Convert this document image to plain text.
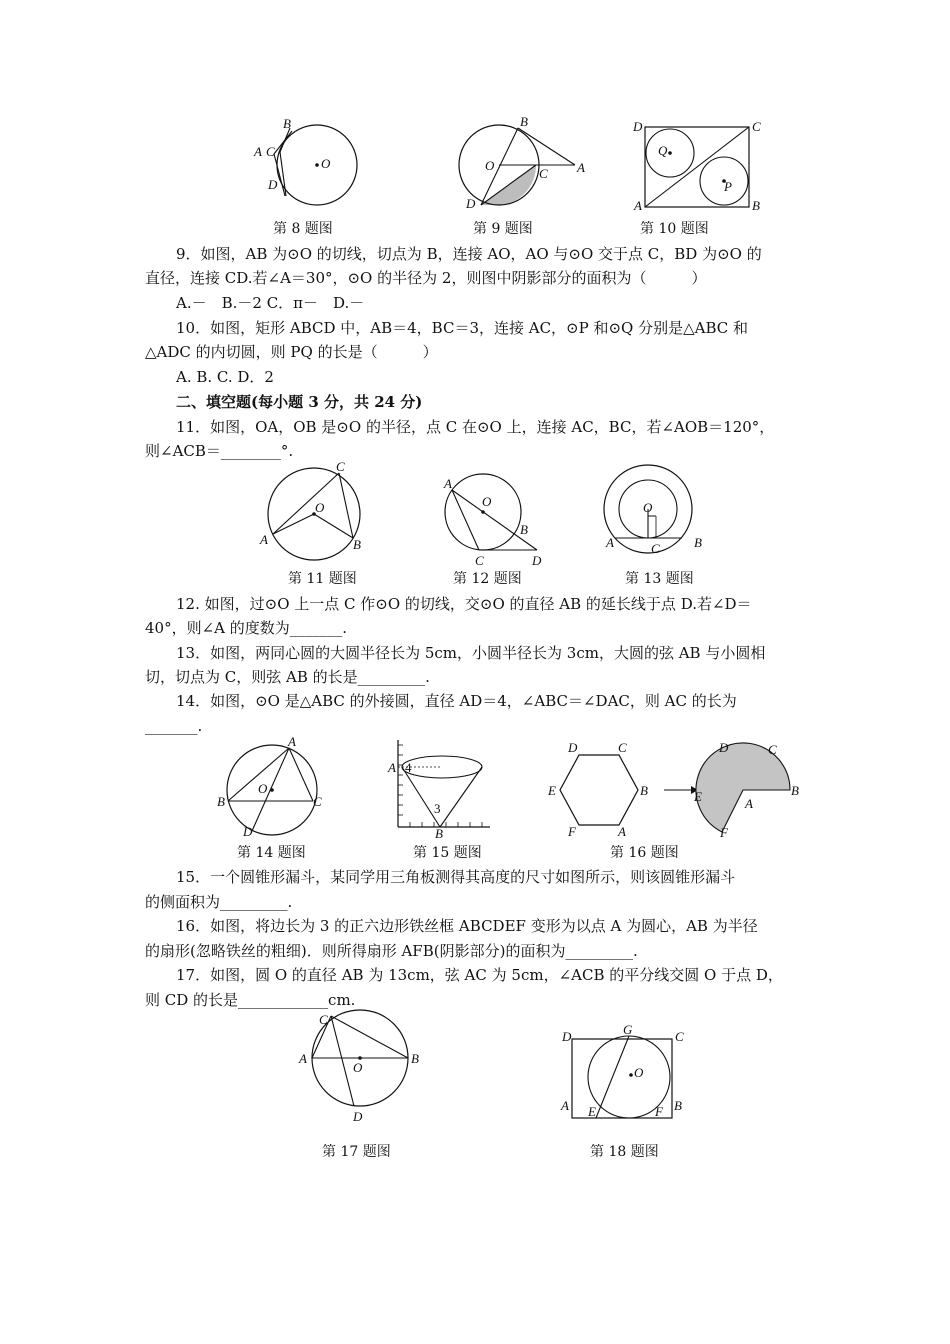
B
A C
O
D
第 8 题图
B
O
C A
D
第 9 题图
D	C
Q
P
A	B
第 10 题图
9．如图，AB 为⊙O 的切线，切点为 B，连接 AO，AO 与⊙O 交于点 C，BD 为⊙O 的
直径，连接 CD.若∠A＝30°，⊙O 的半径为 2，则图中阴影部分的面积为（　　　）
A.－　B.－2 C．π－　D.－
10．如图，矩形 ABCD 中，AB＝4，BC＝3，连接 AC，⊙P 和⊙Q 分别是△ABC 和
△ADC 的内切圆，则 PQ 的长是（　　　）
A. B. C. D．2
二、填空题(每小题 3 分，共 24 分)
11．如图，OA，OB 是⊙O 的半径，点 C 在⊙O 上，连接 AC，BC，若∠AOB＝120°，
则∠ACB＝________°.
C
O
A	B
第 11 题图
A
O
B
C	D
第 12 题图
O
A	C	B
第 13 题图
12. 如图，过⊙O 上一点 C 作⊙O 的切线，交⊙O 的直径 AB 的延长线于点 D.若∠D＝
40°，则∠A 的度数为_______.
13．如图，两同心圆的大圆半径长为 5cm，小圆半径长为 3cm，大圆的弦 AB 与小圆相
切，切点为 C，则弦 AB 的长是_________.
14．如图，⊙O 是△ABC 的外接圆，直径 AD＝4，∠ABC＝∠DAC，则 AC 的长为
_______.
A
O
B	C
D
第 14 题图
A 4
3
B
第 15 题图
D	C
E	B
F	A
D	C
E	A
B
F
第 16 题图
15．一个圆锥形漏斗，某同学用三角板测得其高度的尺寸如图所示，则该圆锥形漏斗
的侧面积为_________.
16．如图，将边长为 3 的正六边形铁丝框 ABCDEF 变形为以点 A 为圆心，AB 为半径
的扇形(忽略铁丝的粗细)．则所得扇形 AFB(阴影部分)的面积为_________.
17．如图，圆 O 的直径 AB 为 13cm，弦 AC 为 5cm，∠ACB 的平分线交圆 O 于点 D，
则 CD 的长是____________cm.
C
A
O
B
D
第 17 题图
D	G	C
O
A E	F B
第 18 题图
